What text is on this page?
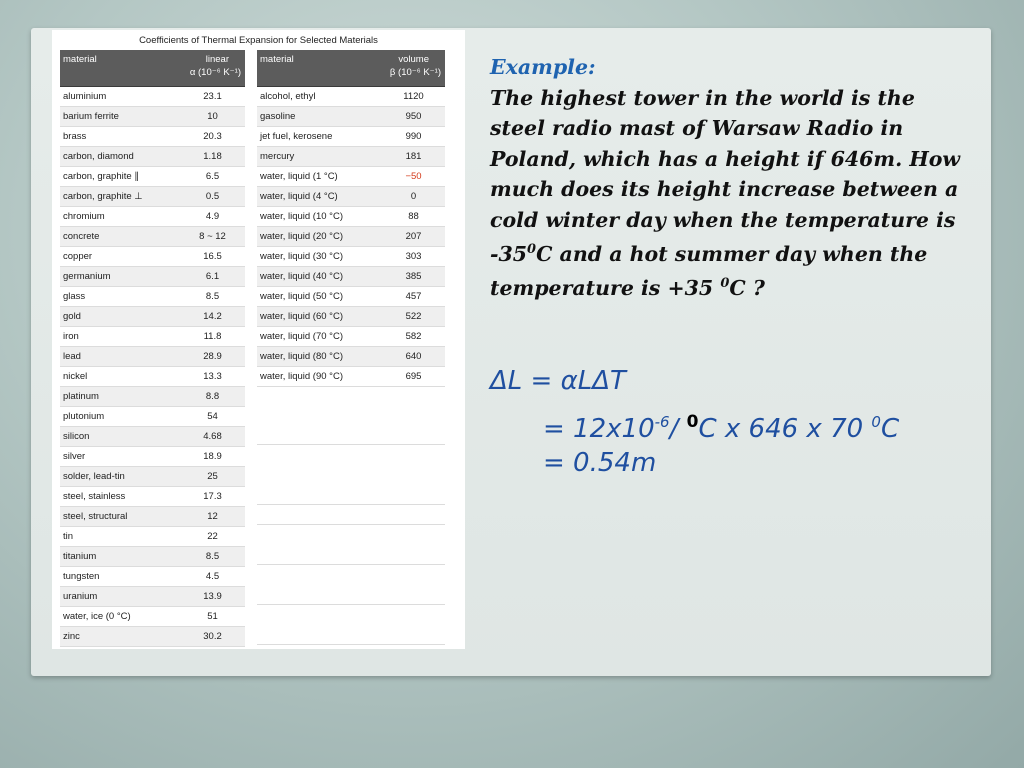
Coefficients of Thermal Expansion for Selected Materials
material	linear
α (10⁻⁶ K⁻¹)

aluminium	23.1
barium ferrite	10
brass	20.3
carbon, diamond	1.18
carbon, graphite ∥	6.5
carbon, graphite ⊥	0.5
chromium	4.9
concrete	8 ~ 12
copper	16.5
germanium	6.1
glass	8.5
gold	14.2
iron	11.8
lead	28.9
nickel	13.3
platinum	8.8
plutonium	54
silicon	4.68
silver	18.9
solder, lead-tin	25
steel, stainless	17.3
steel, structural	12
tin	22
titanium	8.5
tungsten	4.5
uranium	13.9
water, ice (0 °C)	51
zinc	30.2
material	volume
β (10⁻⁶ K⁻¹)

alcohol, ethyl	1120
gasoline	950
jet fuel, kerosene	990
mercury	181
water, liquid (1 °C)	−50
water, liquid (4 °C)	0
water, liquid (10 °C)	88
water, liquid (20 °C)	207
water, liquid (30 °C)	303
water, liquid (40 °C)	385
water, liquid (50 °C)	457
water, liquid (60 °C)	522
water, liquid (70 °C)	582
water, liquid (80 °C)	640
water, liquid (90 °C)	695
Example:
The highest tower in the world is the steel radio mast of Warsaw Radio in Poland, which has a height if 646m. How much does its height increase between a cold winter day when the temperature is $-35^0C$ and a hot summer day when the temperature is +35 $^0$C ?
ΔL = αLΔT
= $12x10^{-6}/$ $^0$C x 646 x 70 $^0$C
= 0.54m
